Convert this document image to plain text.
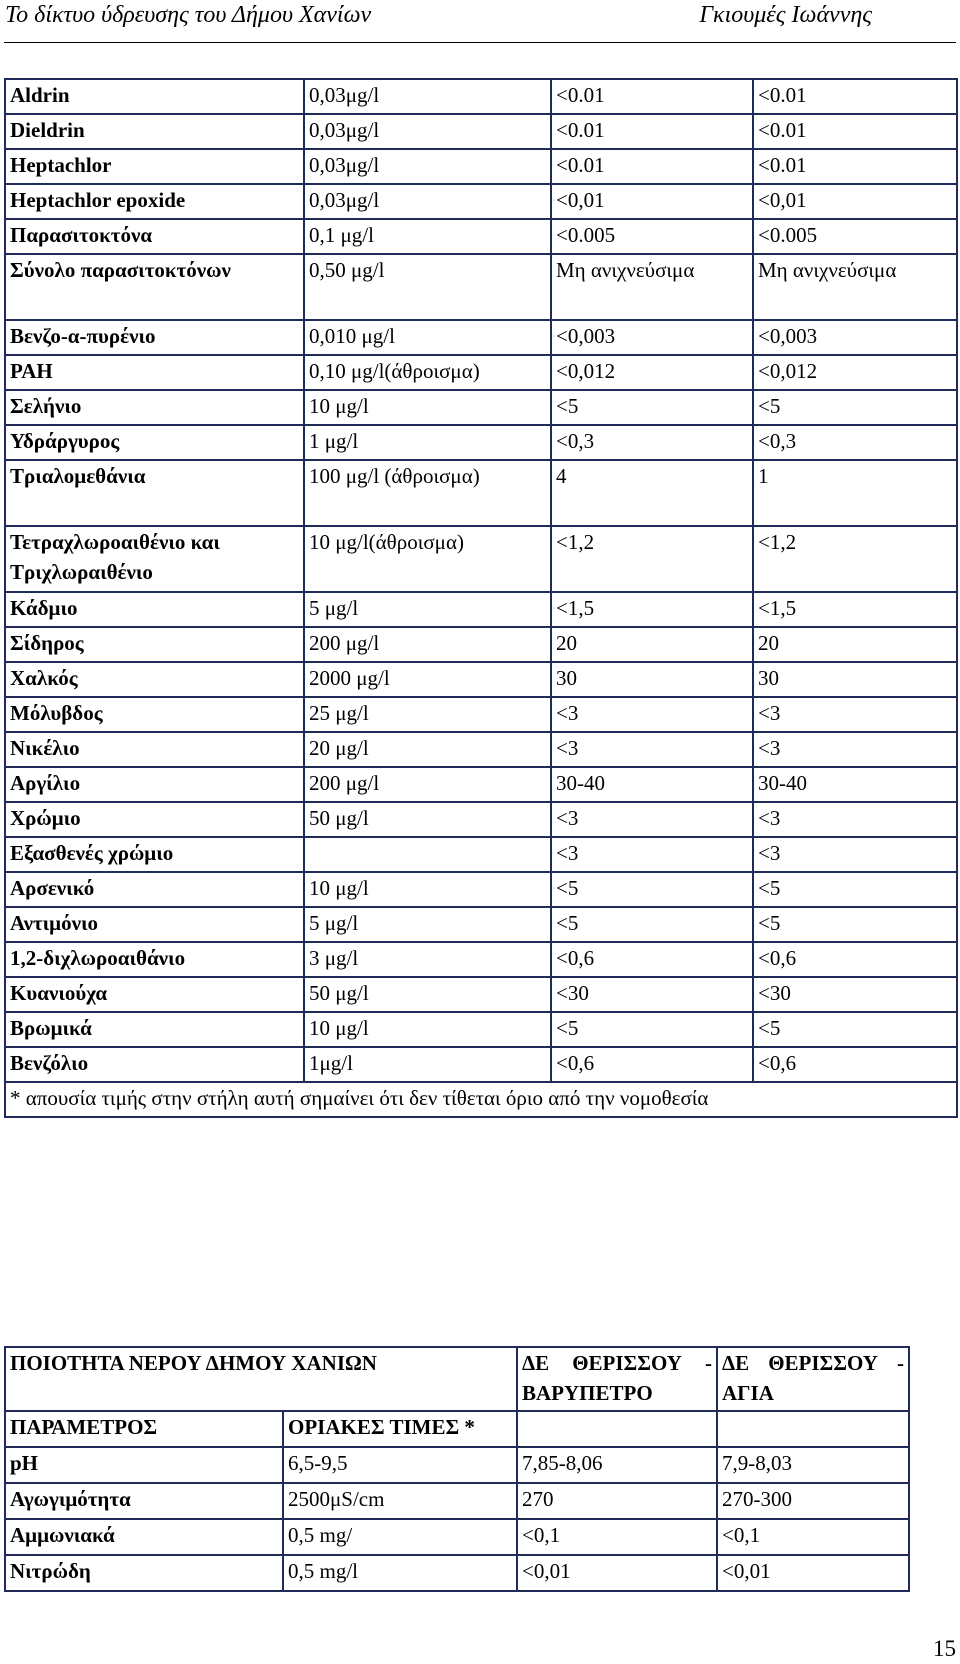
Το δίκτυο ύδρευσης του Δήμου Χανίων	Γκιουμές Ιωάννης
Aldrin	0,03μg/l	<0.01	<0.01
Dieldrin	0,03μg/l	<0.01	<0.01
Heptachlor	0,03μg/l	<0.01	<0.01
Heptachlor epoxide	0,03μg/l	<0,01	<0,01
Παρασιτοκτόνα	0,1 μg/l	<0.005	<0.005
Σύνολο παρασιτοκτόνων	0,50 μg/l	Μη ανιχνεύσιμα	Μη ανιχνεύσιμα
Βενζο-α-πυρένιο	0,010 μg/l	<0,003	<0,003
PAH	0,10 μg/l(άθροισμα)	<0,012	<0,012
Σελήνιο	10 μg/l	<5	<5
Υδράργυρος	1 μg/l	<0,3	<0,3
Τριαλομεθάνια	100 μg/l (άθροισμα)	4	1
Τετραχλωροαιθένιο και Τριχλωραιθένιο	10 μg/l(άθροισμα)	<1,2	<1,2
Κάδμιο	5 μg/l	<1,5	<1,5
Σίδηρος	200 μg/l	20	20
Χαλκός	2000 μg/l	30	30
Μόλυβδος	25 μg/l	<3	<3
Νικέλιο	20 μg/l	<3	<3
Αργίλιο	200 μg/l	30-40	30-40
Χρώμιο	50 μg/l	<3	<3
Εξασθενές χρώμιο		<3	<3
Αρσενικό	10 μg/l	<5	<5
Αντιμόνιο	5 μg/l	<5	<5
1,2-διχλωροαιθάνιο	3 μg/l	<0,6	<0,6
Κυανιούχα	50 μg/l	<30	<30
Βρωμικά	10 μg/l	<5	<5
Βενζόλιο	1μg/l	<0,6	<0,6
* απουσία τιμής στην στήλη αυτή σημαίνει ότι δεν τίθεται όριο από την νομοθεσία			
ΠΟΙΟΤΗΤΑ ΝΕΡΟΥ ΔΗΜΟΥ ΧΑΝΙΩΝ		ΔΕ ΘΕΡΙΣΣΟΥ - ΒΑΡΥΠΕΤΡΟ	ΔΕ ΘΕΡΙΣΣΟΥ - ΑΓΙΑ
ΠΑΡΑΜΕΤΡΟΣ	ΟΡΙΑΚΕΣ ΤΙΜΕΣ *		
pH	6,5-9,5	7,85-8,06	7,9-8,03
Αγωγιμότητα	2500μS/cm	270	270-300
Αμμωνιακά	0,5 mg/	<0,1	<0,1
Νιτρώδη	0,5 mg/l	<0,01	<0,01
15
